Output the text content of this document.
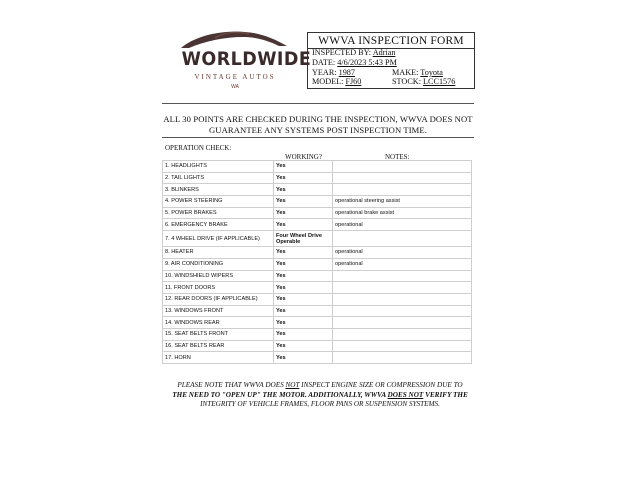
WORLDWIDE
VINTAGE AUTOS
WA
WWVA INSPECTION FORM
INSPECTED BY: Adrian
DATE: 4/6/2023 5:43 PM
YEAR: 1987	MAKE: Toyota
MODEL: FJ60	STOCK: LCC1576
ALL 30 POINTS ARE CHECKED DURING THE INSPECTION, WWVA DOES NOT
GUARANTEE ANY SYSTEMS POST INSPECTION TIME.
OPERATION CHECK:
WORKING?	NOTES:
1. HEADLIGHTS	Yes	
2. TAIL LIGHTS	Yes	
3. BLINKERS	Yes	
4. POWER STEERING	Yes	operational steering assist
5. POWER BRAKES	Yes	operational brake assist
6. EMERGENCY BRAKE	Yes	operational
7. 4 WHEEL DRIVE (IF APPLICABLE)	Four Wheel Drive Operable	
8. HEATER	Yes	operational
9. AIR CONDITIONING	Yes	operational
10. WINDSHIELD WIPERS	Yes	
11. FRONT DOORS	Yes	
12. REAR DOORS (IF APPLICABLE)	Yes	
13. WINDOWS FRONT	Yes	
14. WINDOWS REAR	Yes	
15. SEAT BELTS FRONT	Yes	
16. SEAT BELTS REAR	Yes	
17. HORN	Yes	
PLEASE NOTE THAT WWVA DOES NOT INSPECT ENGINE SIZE OR COMPRESSION DUE TO
THE NEED TO "OPEN UP" THE MOTOR. ADDITIONALLY, WWVA DOES NOT VERIFY THE
INTEGRITY OF VEHICLE FRAMES, FLOOR PANS OR SUSPENSION SYSTEMS.
